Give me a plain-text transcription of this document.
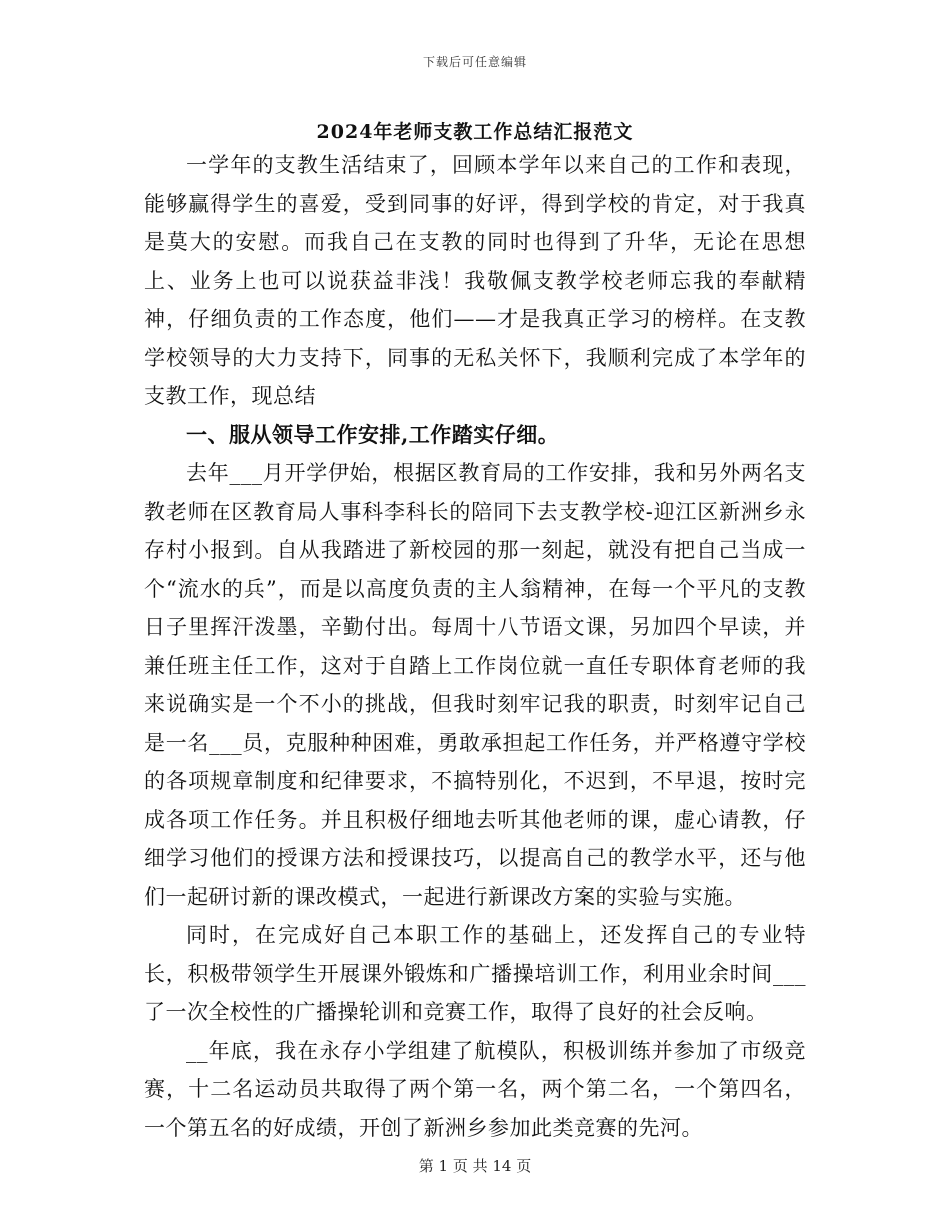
下载后可任意编辑
2024年老师支教工作总结汇报范文

一学年的支教生活结束了，回顾本学年以来自己的工作和表现，能够赢得学生的喜爱，受到同事的好评，得到学校的肯定，对于我真是莫大的安慰。而我自己在支教的同时也得到了升华，无论在思想上、业务上也可以说获益非浅！我敬佩支教学校老师忘我的奉献精神，仔细负责的工作态度，他们——才是我真正学习的榜样。在支教学校领导的大力支持下，同事的无私关怀下，我顺利完成了本学年的支教工作，现总结

一、服从领导工作安排,工作踏实仔细。

去年___月开学伊始，根据区教育局的工作安排，我和另外两名支教老师在区教育局人事科李科长的陪同下去支教学校-迎江区新洲乡永存村小报到。自从我踏进了新校园的那一刻起，就没有把自己当成一个“流水的兵”，而是以高度负责的主人翁精神，在每一个平凡的支教日子里挥汗泼墨，辛勤付出。每周十八节语文课，另加四个早读，并兼任班主任工作，这对于自踏上工作岗位就一直任专职体育老师的我来说确实是一个不小的挑战，但我时刻牢记我的职责，时刻牢记自己是一名___员，克服种种困难，勇敢承担起工作任务，并严格遵守学校的各项规章制度和纪律要求，不搞特别化，不迟到，不早退，按时完成各项工作任务。并且积极仔细地去听其他老师的课，虚心请教，仔细学习他们的授课方法和授课技巧，以提高自己的教学水平，还与他们一起研讨新的课改模式，一起进行新课改方案的实验与实施。

同时，在完成好自己本职工作的基础上，还发挥自己的专业特长，积极带领学生开展课外锻炼和广播操培训工作，利用业余时间___了一次全校性的广播操轮训和竞赛工作，取得了良好的社会反响。

__年底，我在永存小学组建了航模队，积极训练并参加了市级竞赛，十二名运动员共取得了两个第一名，两个第二名，一个第四名，一个第五名的好成绩，开创了新洲乡参加此类竞赛的先河。

第 1 页 共 14 页
